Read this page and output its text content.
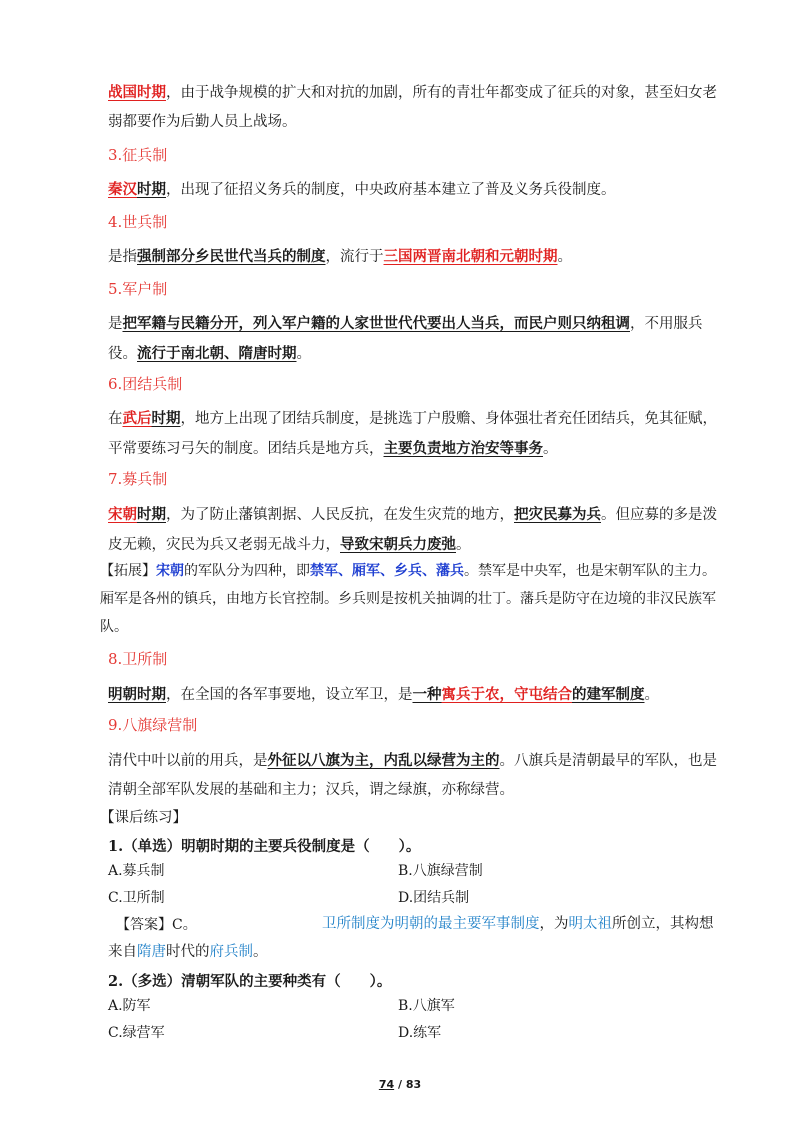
战国时期，由于战争规模的扩大和对抗的加剧，所有的青壮年都变成了征兵的对象，甚至妇女老弱都要作为后勤人员上战场。
3.征兵制
秦汉时期，出现了征招义务兵的制度，中央政府基本建立了普及义务兵役制度。
4.世兵制
是指强制部分乡民世代当兵的制度，流行于三国两晋南北朝和元朝时期。
5.军户制
是把军籍与民籍分开，列入军户籍的人家世世代代要出人当兵，而民户则只纳租调，不用服兵役。流行于南北朝、隋唐时期。
6.团结兵制
在武后时期，地方上出现了团结兵制度，是挑选丁户殷赡、身体强壮者充任团结兵，免其征赋，平常要练习弓矢的制度。团结兵是地方兵，主要负责地方治安等事务。
7.募兵制
宋朝时期，为了防止藩镇割据、人民反抗，在发生灾荒的地方，把灾民募为兵。但应募的多是泼皮无赖，灾民为兵又老弱无战斗力，导致宋朝兵力废弛。
【拓展】宋朝的军队分为四种，即禁军、厢军、乡兵、藩兵。禁军是中央军，也是宋朝军队的主力。厢军是各州的镇兵，由地方长官控制。乡兵则是按机关抽调的壮丁。藩兵是防守在边境的非汉民族军队。
8.卫所制
明朝时期，在全国的各军事要地，设立军卫，是一种寓兵于农，守屯结合的建军制度。
9.八旗绿营制
清代中叶以前的用兵，是外征以八旗为主，内乱以绿营为主的。八旗兵是清朝最早的军队，也是清朝全部军队发展的基础和主力；汉兵，谓之绿旗，亦称绿营。
【课后练习】
1.（单选）明朝时期的主要兵役制度是（　　）。
A.募兵制	B.八旗绿营制
C.卫所制	D.团结兵制
【答案】C。	卫所制度为明朝的最主要军事制度，为明太祖所创立，其构想来自隋唐时代的府兵制。
2.（多选）清朝军队的主要种类有（　　）。
A.防军	B.八旗军
C.绿营军	D.练军
74 / 83
